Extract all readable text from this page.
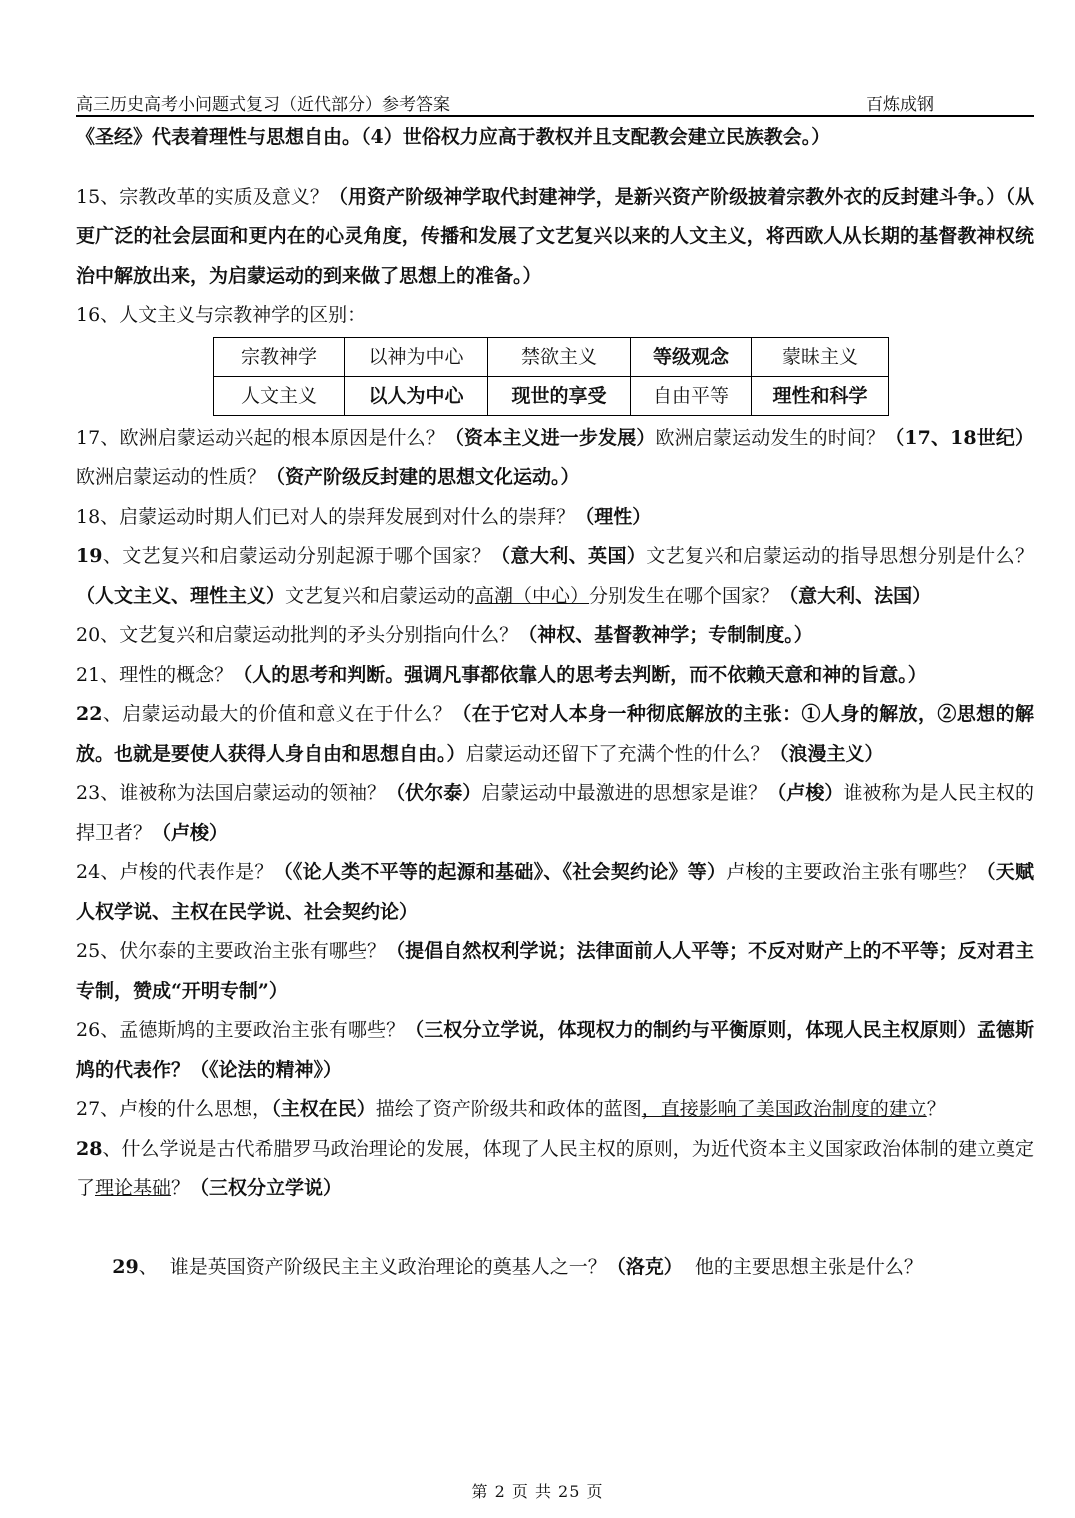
高三历史高考小问题式复习（近代部分）参考答案	百炼成钢

《圣经》代表着理性与思想自由。（4）世俗权力应高于教权并且支配教会建立民族教会。）

15、宗教改革的实质及意义？（用资产阶级神学取代封建神学，是新兴资产阶级披着宗教外衣的反封建斗争。）（从更广泛的社会层面和更内在的心灵角度，传播和发展了文艺复兴以来的人文主义，将西欧人从长期的基督教神权统治中解放出来，为启蒙运动的到来做了思想上的准备。）

16、人文主义与宗教神学的区别：

宗教神学	以神为中心	禁欲主义	等级观念	蒙昧主义
人文主义	以人为中心	现世的享受	自由平等	理性和科学

17、欧洲启蒙运动兴起的根本原因是什么？（资本主义进一步发展）欧洲启蒙运动发生的时间？（17、18世纪）欧洲启蒙运动的性质？（资产阶级反封建的思想文化运动。）

18、启蒙运动时期人们已对人的崇拜发展到对什么的崇拜？（理性）

19、文艺复兴和启蒙运动分别起源于哪个国家？（意大利、英国）文艺复兴和启蒙运动的指导思想分别是什么？（人文主义、理性主义）文艺复兴和启蒙运动的高潮（中心）分别发生在哪个国家？（意大利、法国）

20、文艺复兴和启蒙运动批判的矛头分别指向什么？（神权、基督教神学；专制制度。）

21、理性的概念？（人的思考和判断。强调凡事都依靠人的思考去判断，而不依赖天意和神的旨意。）

22、启蒙运动最大的价值和意义在于什么？（在于它对人本身一种彻底解放的主张：①人身的解放，②思想的解放。也就是要使人获得人身自由和思想自由。）启蒙运动还留下了充满个性的什么？（浪漫主义）

23、谁被称为法国启蒙运动的领袖？（伏尔泰）启蒙运动中最激进的思想家是谁？（卢梭）谁被称为是人民主权的捍卫者？（卢梭）

24、卢梭的代表作是？（《论人类不平等的起源和基础》、《社会契约论》等）卢梭的主要政治主张有哪些？（天赋人权学说、主权在民学说、社会契约论）

25、伏尔泰的主要政治主张有哪些？（提倡自然权利学说；法律面前人人平等；不反对财产上的不平等；反对君主专制，赞成“开明专制”）

26、孟德斯鸠的主要政治主张有哪些？（三权分立学说，体现权力的制约与平衡原则，体现人民主权原则）孟德斯鸠的代表作？（《论法的精神》）

27、卢梭的什么思想，（主权在民）描绘了资产阶级共和政体的蓝图，直接影响了美国政治制度的建立？

28、什么学说是古代希腊罗马政治理论的发展，体现了人民主权的原则，为近代资本主义国家政治体制的建立奠定了理论基础？（三权分立学说）

29、  谁是英国资产阶级民主主义政治理论的奠基人之一？（洛克）  他的主要思想主张是什么？

第 2 页 共 25 页
